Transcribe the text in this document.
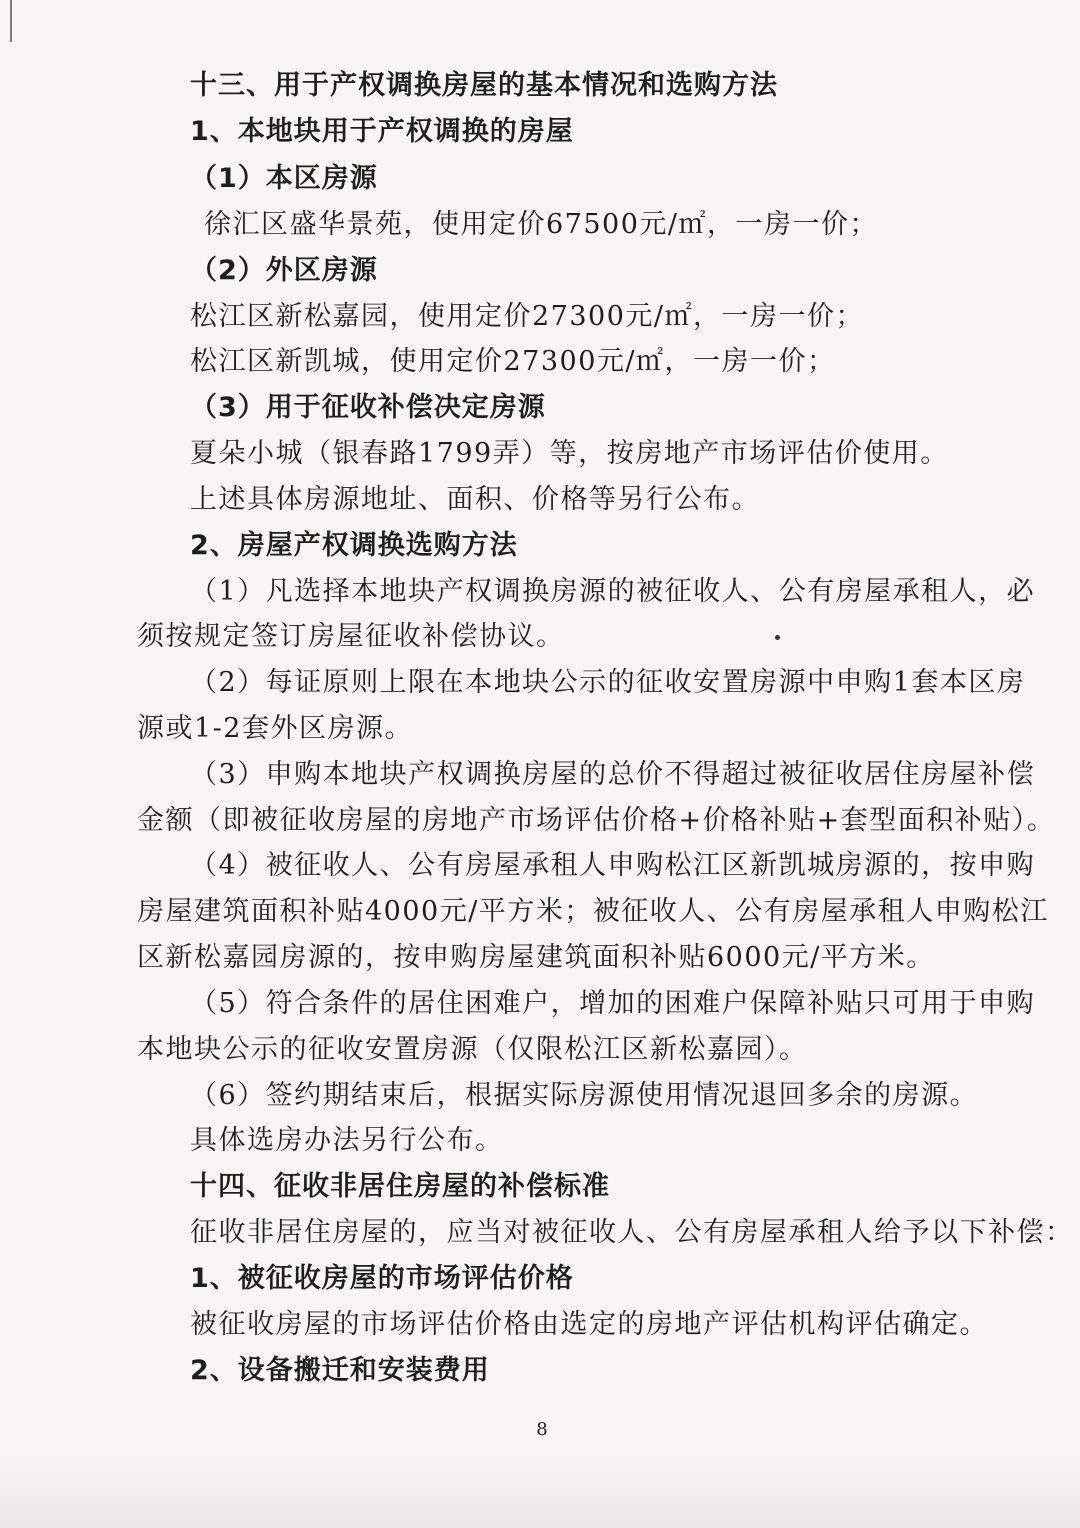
十三、用于产权调换房屋的基本情况和选购方法
1、本地块用于产权调换的房屋
（1）本区房源
徐汇区盛华景苑，使用定价67500元/㎡，一房一价；
（2）外区房源
松江区新松嘉园，使用定价27300元/㎡，一房一价；
松江区新凯城，使用定价27300元/㎡，一房一价；
（3）用于征收补偿决定房源
夏朵小城（银春路1799弄）等，按房地产市场评估价使用。
上述具体房源地址、面积、价格等另行公布。
2、房屋产权调换选购方法
（1）凡选择本地块产权调换房源的被征收人、公有房屋承租人，必
须按规定签订房屋征收补偿协议。
（2）每证原则上限在本地块公示的征收安置房源中申购1套本区房
源或1-2套外区房源。
（3）申购本地块产权调换房屋的总价不得超过被征收居住房屋补偿
金额（即被征收房屋的房地产市场评估价格+价格补贴+套型面积补贴）。
（4）被征收人、公有房屋承租人申购松江区新凯城房源的，按申购
房屋建筑面积补贴4000元/平方米；被征收人、公有房屋承租人申购松江
区新松嘉园房源的，按申购房屋建筑面积补贴6000元/平方米。
（5）符合条件的居住困难户，增加的困难户保障补贴只可用于申购
本地块公示的征收安置房源（仅限松江区新松嘉园）。
（6）签约期结束后，根据实际房源使用情况退回多余的房源。
具体选房办法另行公布。
十四、征收非居住房屋的补偿标准
征收非居住房屋的，应当对被征收人、公有房屋承租人给予以下补偿：
1、被征收房屋的市场评估价格
被征收房屋的市场评估价格由选定的房地产评估机构评估确定。
2、设备搬迁和安装费用
8
